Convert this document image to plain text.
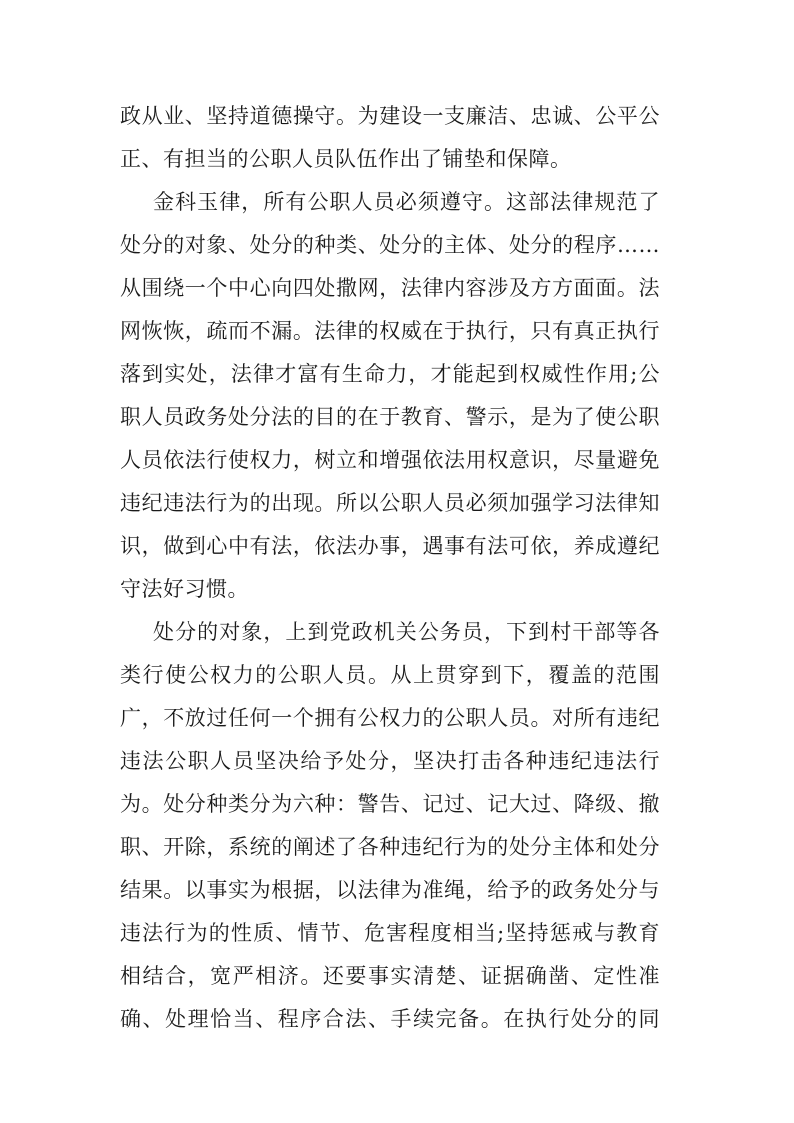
政从业、坚持道德操守。为建设一支廉洁、忠诚、公平公
正、有担当的公职人员队伍作出了铺垫和保障。
金科玉律，所有公职人员必须遵守。这部法律规范了
处分的对象、处分的种类、处分的主体、处分的程序……
从围绕一个中心向四处撒网，法律内容涉及方方面面。法
网恢恢，疏而不漏。法律的权威在于执行，只有真正执行
落到实处，法律才富有生命力，才能起到权威性作用;公
职人员政务处分法的目的在于教育、警示，是为了使公职
人员依法行使权力，树立和增强依法用权意识，尽量避免
违纪违法行为的出现。所以公职人员必须加强学习法律知
识，做到心中有法，依法办事，遇事有法可依，养成遵纪
守法好习惯。
处分的对象，上到党政机关公务员，下到村干部等各
类行使公权力的公职人员。从上贯穿到下，覆盖的范围
广，不放过任何一个拥有公权力的公职人员。对所有违纪
违法公职人员坚决给予处分，坚决打击各种违纪违法行
为。处分种类分为六种：警告、记过、记大过、降级、撤
职、开除，系统的阐述了各种违纪行为的处分主体和处分
结果。以事实为根据，以法律为准绳，给予的政务处分与
违法行为的性质、情节、危害程度相当;坚持惩戒与教育
相结合，宽严相济。还要事实清楚、证据确凿、定性准
确、处理恰当、程序合法、手续完备。在执行处分的同
